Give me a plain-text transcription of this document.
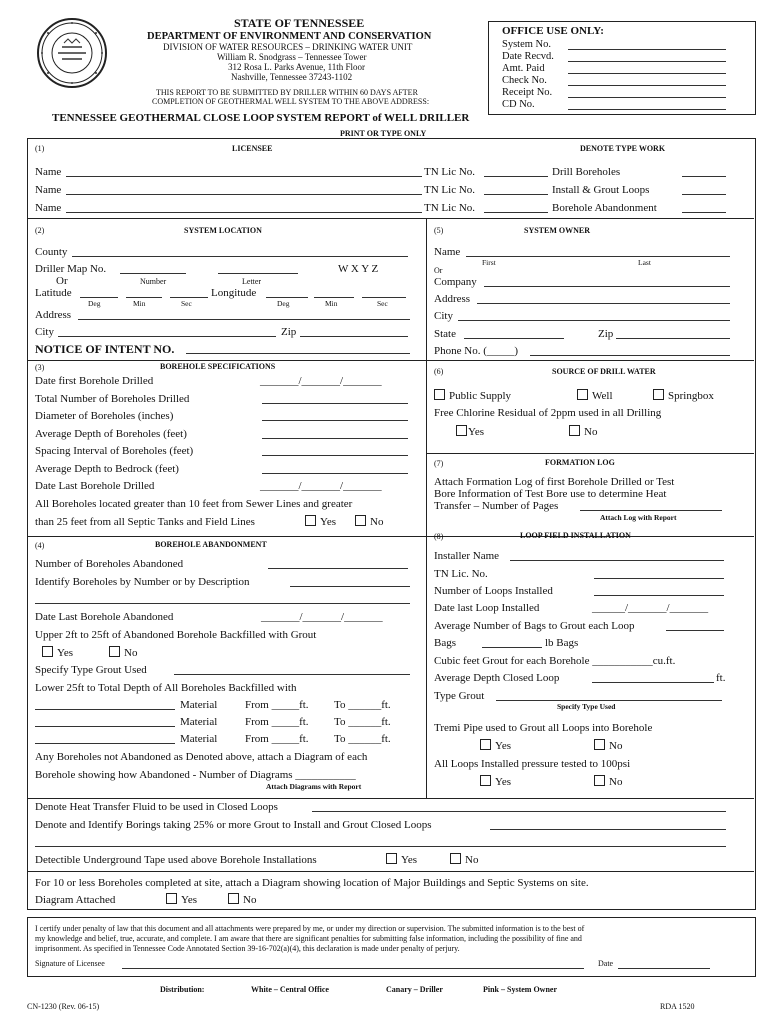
STATE OF TENNESSEE
DEPARTMENT OF ENVIRONMENT AND CONSERVATION
DIVISION OF WATER RESOURCES – DRINKING WATER UNIT
William R. Snodgrass – Tennessee Tower
312 Rosa L. Parks Avenue, 11th Floor
Nashville, Tennessee 37243-1102
THIS REPORT TO BE SUBMITTED BY DRILLER WITHIN 60 DAYS AFTER
COMPLETION OF GEOTHERMAL WELL SYSTEM TO THE ABOVE ADDRESS:
TENNESSEE GEOTHERMAL CLOSE LOOP SYSTEM REPORT of WELL DRILLER
PRINT OR TYPE ONLY
OFFICE USE ONLY:
System No.
Date Recvd.
Amt. Paid
Check No.
Receipt No.
CD No.
(1)	LICENSEE	DENOTE TYPE WORK
Name	TN Lic No.	Drill Boreholes
Name	TN Lic No.	Install & Grout Loops
Name	TN Lic No.	Borehole Abandonment
(2)	SYSTEM LOCATION
County
Driller Map No.	W X Y Z
Or	Number	Letter
Latitude	Longitude
Deg	Min	Sec	Deg	Min	Sec
Address
City	Zip
NOTICE OF INTENT NO.
(5)	SYSTEM OWNER
Name
First	Last
Or
Company
Address
City
State	Zip
Phone No. (_____)
(3)	BOREHOLE SPECIFICATIONS
Date first Borehole Drilled	_______/_______/_______
Total Number of Boreholes Drilled
Diameter of Boreholes (inches)
Average Depth of Boreholes (feet)
Spacing Interval of Boreholes (feet)
Average Depth to Bedrock (feet)
Date Last Borehole Drilled	_______/_______/_______
All Boreholes located greater than 10 feet from Sewer Lines and greater
than 25 feet from all Septic Tanks and Field Lines	Yes	No
(6)	SOURCE OF DRILL WATER
Public Supply	Well	Springbox
Free Chlorine Residual of 2ppm used in all Drilling
Yes	No
(7)	FORMATION LOG
Attach Formation Log of first Borehole Drilled or Test
Bore Information of Test Bore use to determine Heat
Transfer – Number of Pages
Attach Log with Report
(4)	BOREHOLE ABANDONMENT
Number of Boreholes Abandoned
Identify Boreholes by Number or by Description
Date Last Borehole Abandoned	_______/_______/_______
Upper 2ft to 25ft of Abandoned Borehole Backfilled with Grout
Yes	No
Specify Type Grout Used
Lower 25ft to Total Depth of All Boreholes Backfilled with
Material	From _____ft. To ______ft.
Material	From _____ft. To ______ft.
Material	From _____ft. To ______ft.
Any Boreholes not Abandoned as Denoted above, attach a Diagram of each
Borehole showing how Abandoned - Number of Diagrams ___________
Attach Diagrams with Report
(8)	LOOP FIELD INSTALLATION
Installer Name
TN Lic. No.
Number of Loops Installed
Date last Loop Installed	______/_______/_______
Average Number of Bags to Grout each Loop
Bags	lb Bags
Cubic feet Grout for each Borehole ___________cu.ft.
Average Depth Closed Loop	ft.
Type Grout
Specify Type Used
Tremi Pipe used to Grout all Loops into Borehole
Yes	No
All Loops Installed pressure tested to 100psi
Yes	No
Denote Heat Transfer Fluid to be used in Closed Loops
Denote and Identify Borings taking 25% or more Grout to Install and Grout Closed Loops
Detectible Underground Tape used above Borehole Installations	Yes	No
For 10 or less Boreholes completed at site, attach a Diagram showing location of Major Buildings and Septic Systems on site.
Diagram Attached	Yes	No
I certify under penalty of law that this document and all attachments were prepared by me, or under my direction or supervision. The submitted information is to the best of
my knowledge and belief, true, accurate, and complete. I am aware that there are significant penalties for submitting false information, including the possibility of fine and
imprisonment. As specified in Tennessee Code Annotated Section 39-16-702(a)(4), this declaration is made under penalty of perjury.
Signature of Licensee	Date
Distribution:	White – Central Office	Canary – Driller	Pink – System Owner
CN-1230 (Rev. 06-15)	RDA 1520
